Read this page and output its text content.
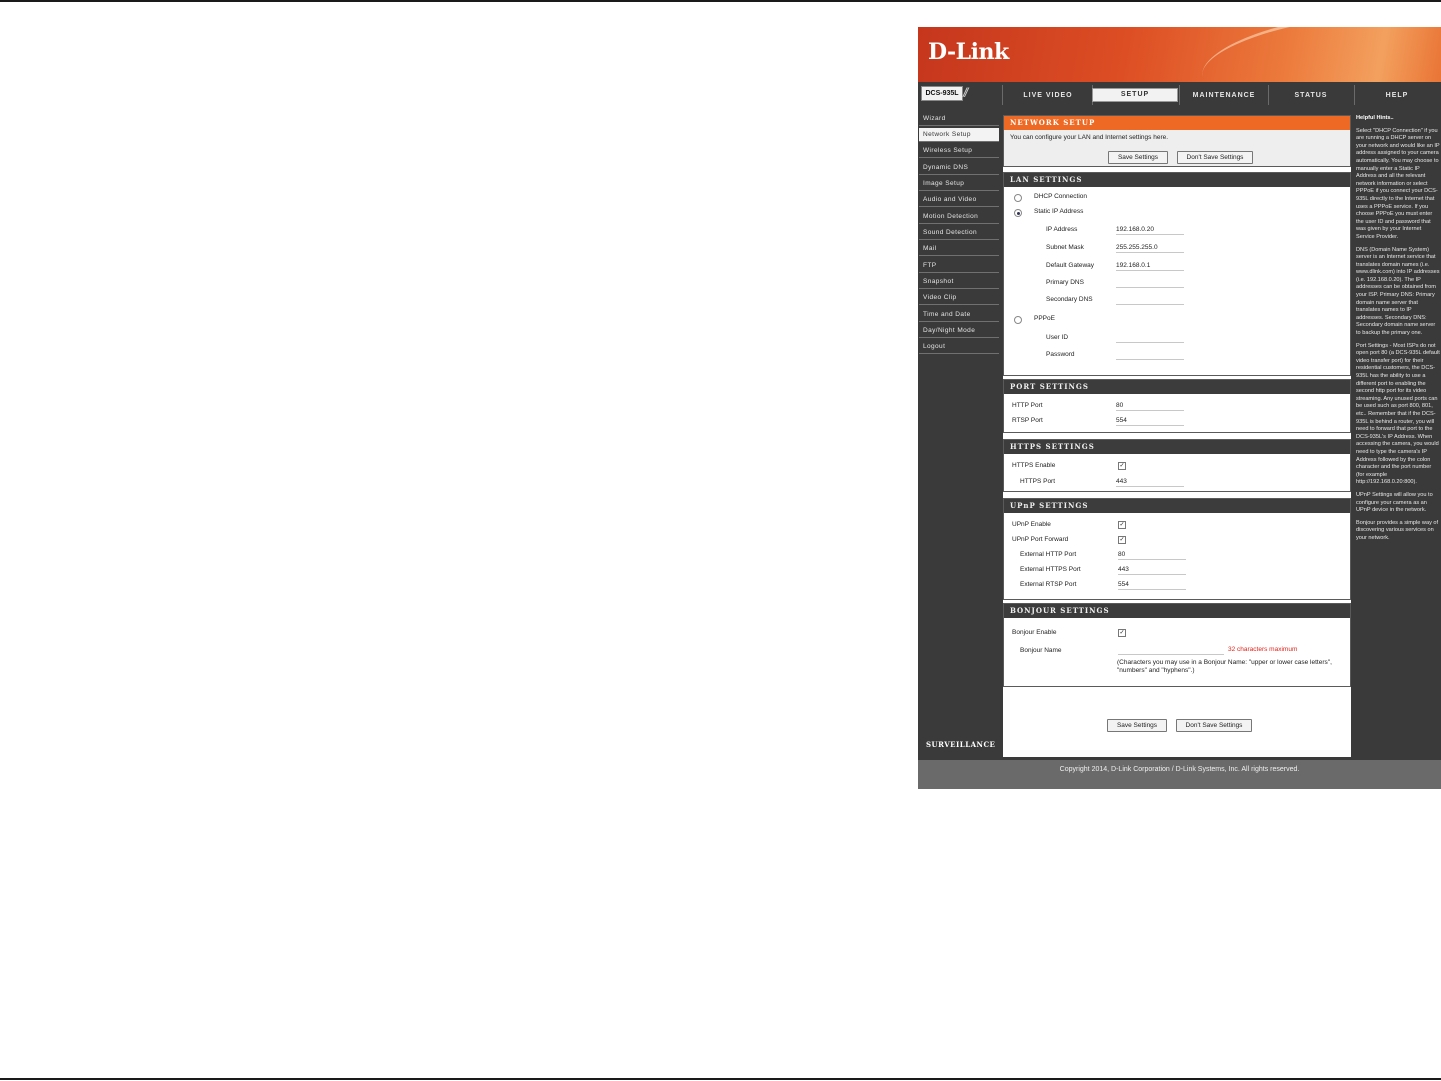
D-Link
DCS-935L //	LIVE VIDEO	SETUP	MAINTENANCE	STATUS	HELP
Wizard
Network Setup
Wireless Setup
Dynamic DNS
Image Setup
Audio and Video
Motion Detection
Sound Detection
Mail
FTP
Snapshot
Video Clip
Time and Date
Day/Night Mode
Logout
NETWORK SETUP
You can configure your LAN and Internet settings here.
Save Settings	Don't Save Settings
LAN SETTINGS
DHCP Connection
Static IP Address
IP Address	192.168.0.20
Subnet Mask	255.255.255.0
Default Gateway	192.168.0.1
Primary DNS
Secondary DNS
PPPoE
User ID
Password
PORT SETTINGS
HTTP Port	80
RTSP Port	554
HTTPS SETTINGS
HTTPS Enable	✓
HTTPS Port	443
UPnP SETTINGS
UPnP Enable	✓
UPnP Port Forward	✓
External HTTP Port	80
External HTTPS Port	443
External RTSP Port	554
BONJOUR SETTINGS
Bonjour Enable	✓
Bonjour Name	32 characters maximum
(Characters you may use in a Bonjour Name: "upper or lower case letters", "numbers" and "hyphens".)
Save Settings	Don't Save Settings

Helpful Hints..

Select "DHCP Connection" if you are running a DHCP server on your network and would like an IP address assigned to your camera automatically. You may choose to manually enter a Static IP Address and all the relevant network information or select PPPoE if you connect your DCS-935L directly to the Internet that uses a PPPoE service. If you choose PPPoE you must enter the user ID and password that was given by your Internet Service Provider.

DNS (Domain Name System) server is an Internet service that translates domain names (i.e. www.dlink.com) into IP addresses (i.e. 192.168.0.20). The IP addresses can be obtained from your ISP. Primary DNS: Primary domain name server that translates names to IP addresses. Secondary DNS: Secondary domain name server to backup the primary one.

Port Settings - Most ISPs do not open port 80 (a DCS-935L default video transfer port) for their residential customers, the DCS-935L has the ability to use a different port to enabling the second http port for its video streaming. Any unused ports can be used such as port 800, 801, etc.. Remember that if the DCS-935L is behind a router, you will need to forward that port to the DCS-935L's IP Address. When accessing the camera, you would need to type the camera's IP Address followed by the colon character and the port number (for example http://192.168.0.20:800).

UPnP Settings will allow you to configure your camera as an UPnP device in the network.

Bonjour provides a simple way of discovering various services on your network.

SURVEILLANCE
Copyright 2014, D-Link Corporation / D-Link Systems, Inc. All rights reserved.
